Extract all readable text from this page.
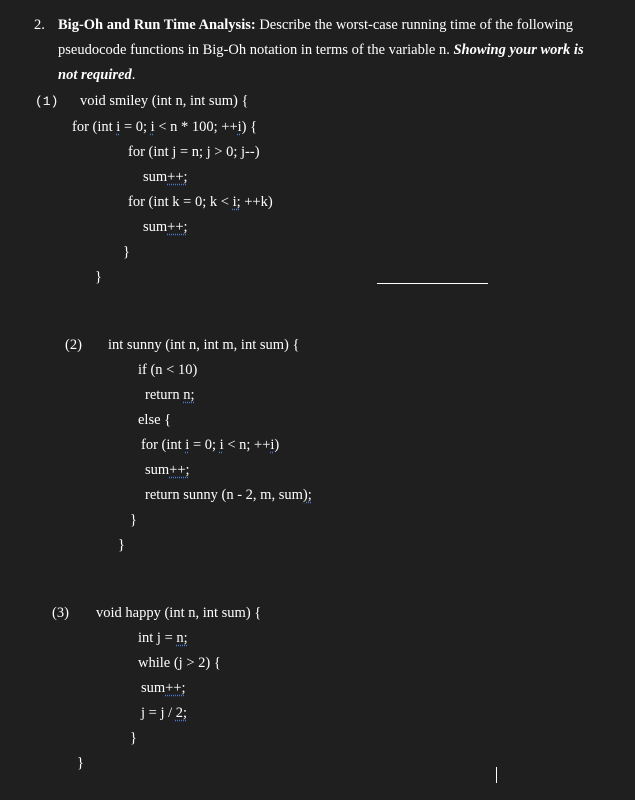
2. Big-Oh and Run Time Analysis: Describe the worst-case running time of the following
pseudocode functions in Big-Oh notation in terms of the variable n. Showing your work is
not required.
(1) void smiley (int n, int sum) {
for (int i = 0; i < n * 100; ++i) {
for (int j = n; j > 0; j--)
sum++;
for (int k = 0; k < i; ++k)
sum++;
}
}
(2) int sunny (int n, int m, int sum) {
if (n < 10)
return n;
else {
for (int i = 0; i < n; ++i)
sum++;
return sunny (n - 2, m, sum);
}
}
(3) void happy (int n, int sum) {
int j = n;
while (j > 2) {
sum++;
j = j / 2;
}
}
